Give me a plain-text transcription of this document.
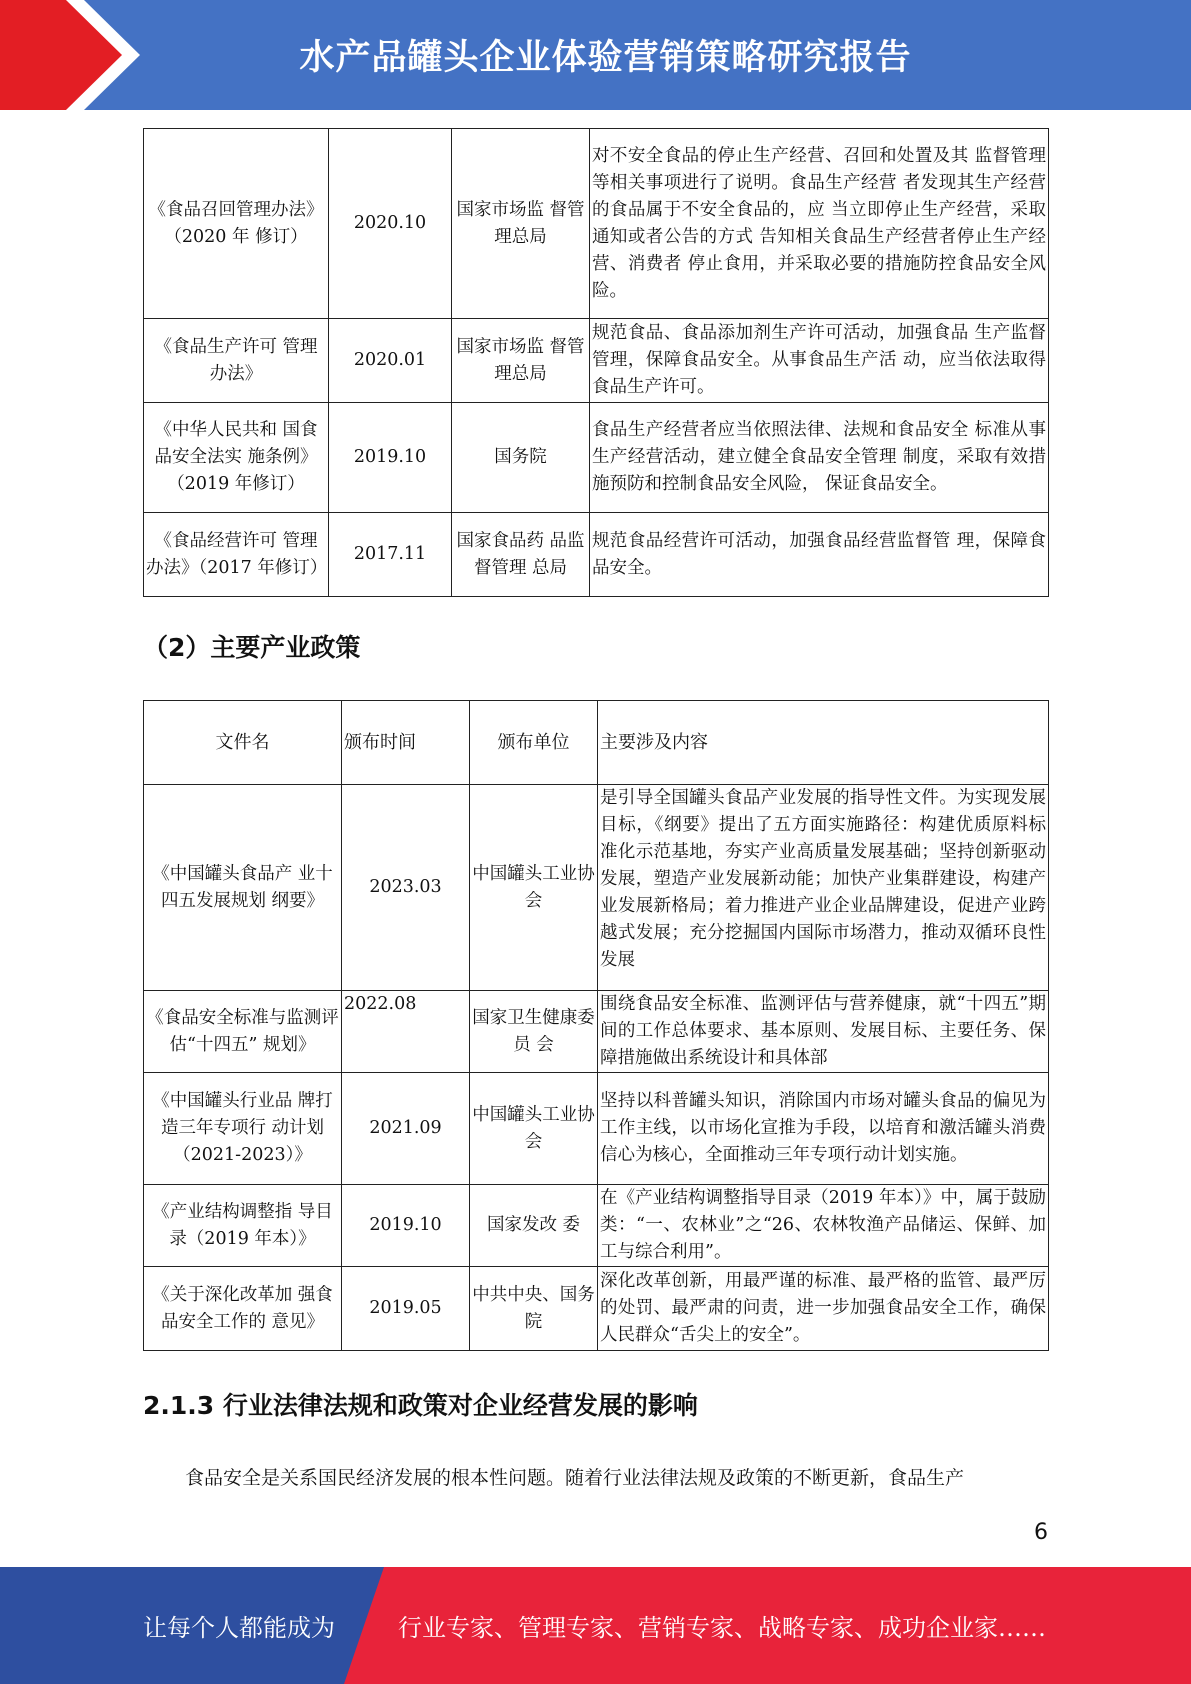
水产品罐头企业体验营销策略研究报告
《食品召回管理办法》（2020 年 修订）	2020.10	国家市场监 督管理总局	对不安全食品的停止生产经营、召回和处置及其 监督管理等相关事项进行了说明。食品生产经营 者发现其生产经营的食品属于不安全食品的，应 当立即停止生产经营，采取通知或者公告的方式 告知相关食品生产经营者停止生产经营、消费者 停止食用，并采取必要的措施防控食品安全风 险。
《食品生产许可 管理办法》	2020.01	国家市场监 督管理总局	规范食品、食品添加剂生产许可活动，加强食品 生产监督管理，保障食品安全。从事食品生产活 动，应当依法取得食品生产许可。
《中华人民共和 国食品安全法实 施条例》（2019 年修订）	2019.10	国务院	食品生产经营者应当依照法律、法规和食品安全 标准从事生产经营活动，建立健全食品安全管理 制度，采取有效措施预防和控制食品安全风险， 保证食品安全。
《食品经营许可 管理办法》（2017 年修订）	2017.11	国家食品药 品监督管理 总局	规范食品经营许可活动，加强食品经营监督管 理，保障食品安全。
（2）主要产业政策
文件名	颁布时间	颁布单位	主要涉及内容
《中国罐头食品产 业十四五发展规划 纲要》	2023.03	中国罐头工业协会	是引导全国罐头食品产业发展的指导性文件。为实现发展目标，《纲要》提出了五方面实施路径：构建优质原料标准化示范基地，夯实产业高质量发展基础；坚持创新驱动发展，塑造产业发展新动能；加快产业集群建设，构建产业发展新格局；着力推进产业企业品牌建设，促进产业跨越式发展；充分挖掘国内国际市场潜力，推动双循环良性发展

《食品安全标准与监测评估“十四五” 规划》	2022.08	国家卫生健康委员 会	围绕食品安全标准、监测评估与营养健康，就“十四五”期间的工作总体要求、基本原则、发展目标、主要任务、保障措施做出系统设计和具体部

《中国罐头行业品 牌打造三年专项行 动计划（2021-2023）》	2021.09	中国罐头工业协会	坚持以科普罐头知识，消除国内市场对罐头食品的偏见为工作主线，以市场化宣推为手段，以培育和激活罐头消费信心为核心，全面推动三年专项行动计划实施。
《产业结构调整指 导目录（2019 年本）》	2019.10	国家发改 委	在《产业结构调整指导目录（2019 年本）》中，属于鼓励类：“一、农林业”之“26、农林牧渔产品储运、保鲜、加工与综合利用”。
《关于深化改革加 强食品安全工作的 意见》	2019.05	中共中央、国务院	深化改革创新，用最严谨的标准、最严格的监管、最严厉的处罚、最严肃的问责，进一步加强食品安全工作，确保人民群众“舌尖上的安全”。
2.1.3 行业法律法规和政策对企业经营发展的影响
食品安全是关系国民经济发展的根本性问题。随着行业法律法规及政策的不断更新，食品生产
6
让每个人都能成为	行业专家、管理专家、营销专家、战略专家、成功企业家……
